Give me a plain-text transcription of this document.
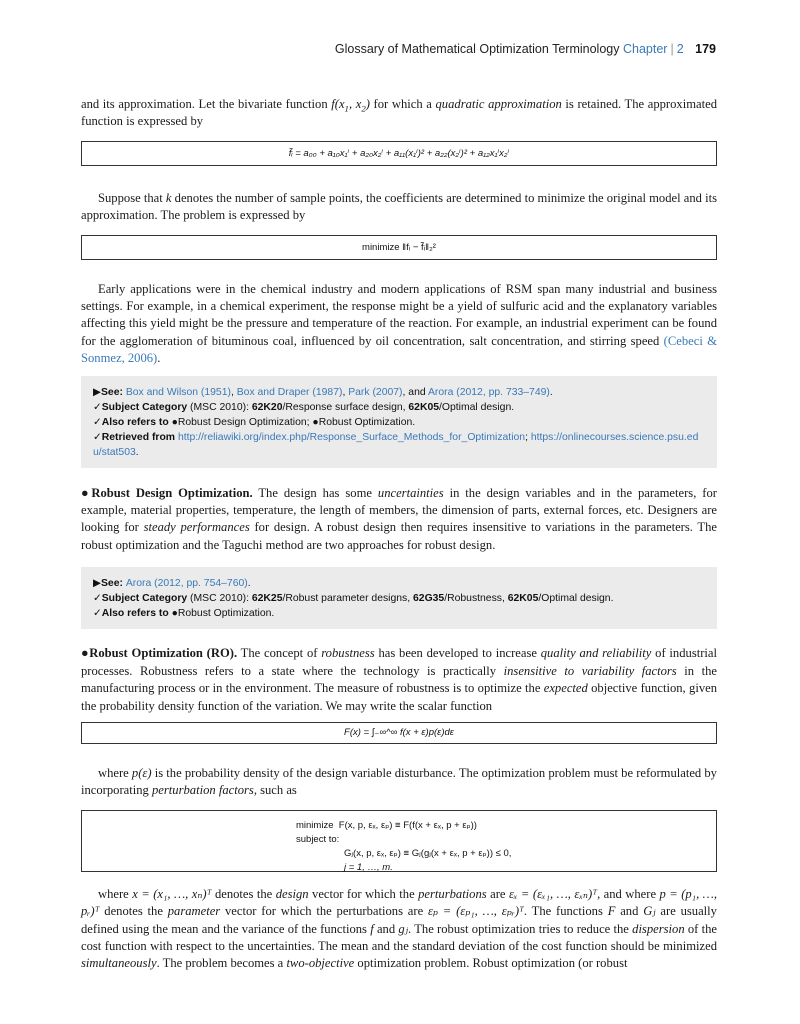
Glossary of Mathematical Optimization Terminology Chapter | 2 179

and its approximation. Let the bivariate function $f(x_1$, $x_2$) for which a quadratic approximation is retained. The approximated function is expressed by

f̃ᵢ = a₀₀ + a₁₀x₁ⁱ + a₂₀x₂ⁱ + a₁₁(x₁ⁱ)² + a₂₂(x₂ⁱ)² + a₁₂x₁ⁱx₂ⁱ

Suppose that k denotes the number of sample points, the coefficients are determined to minimize the original model and its approximation. The problem is expressed by

minimize ‖fᵢ − f̃ᵢ‖₂²

Early applications were in the chemical industry and modern applications of RSM span many industrial and business settings. For example, in a chemical experiment, the response might be a yield of sulfuric acid and the explanatory variables affecting this yield might be the pressure and temperature of the reaction. For example, an industrial experiment can be found for the agglomeration of bituminous coal, influenced by oil concentration, salt concentration, and stirring speed (Cebeci & Sonmez, 2006).

▶See: Box and Wilson (1951), Box and Draper (1987), Park (2007), and Arora (2012, pp. 733–749).
✓Subject Category (MSC 2010): 62K20/Response surface design, 62K05/Optimal design.
✓Also refers to ●Robust Design Optimization; ●Robust Optimization.
✓Retrieved from http://reliawiki.org/index.php/Response_Surface_Methods_for_Optimization; https://onlinecourses.science.psu.edu/stat503.

●Robust Design Optimization. The design has some uncertainties in the design variables and in the parameters, for example, material properties, temperature, the length of members, the dimension of parts, external forces, etc. Designers are looking for steady performances for design. A robust design then requires insensitive to variations in the parameters. The robust optimization and the Taguchi method are two approaches for robust design.

▶See: Arora (2012, pp. 754–760).
✓Subject Category (MSC 2010): 62K25/Robust parameter designs, 62G35/Robustness, 62K05/Optimal design.
✓Also refers to ●Robust Optimization.

●Robust Optimization (RO). The concept of robustness has been developed to increase quality and reliability of industrial processes. Robustness refers to a state where the technology is practically insensitive to variability factors in the manufacturing process or in the environment. The measure of robustness is to optimize the expected objective function, given the probability density function of the variation. We may write the scalar function

F(x) = ∫₋∞^∞ f(x + ε)p(ε)dε

where p(ε) is the probability density of the design variable disturbance. The optimization problem must be reformulated by incorporating perturbation factors, such as

minimize F(x, p, εₓ, εₚ) ≡ F(f(x + εₓ, p + εₚ))
subject to:
Gⱼ(x, p, εₓ, εₚ) ≡ Gⱼ(gⱼ(x + εₓ, p + εₚ)) ≤ 0,
j = 1, …, m.

where x = (x₁, …, xₙ)ᵀ denotes the design vector for which the perturbations are εₓ = (εₓ₁, …, εₓₙ)ᵀ, and where p = (p₁, …, pᵣ)ᵀ denotes the parameter vector for which the perturbations are εₚ = (εₚ₁, …, εₚᵣ)ᵀ. The functions F and Gⱼ are usually defined using the mean and the variance of the functions f and gⱼ. The robust optimization tries to reduce the dispersion of the cost function with respect to the uncertainties. The mean and the standard deviation of the cost function should be minimized simultaneously. The problem becomes a two-objective optimization problem. Robust optimization (or robust
